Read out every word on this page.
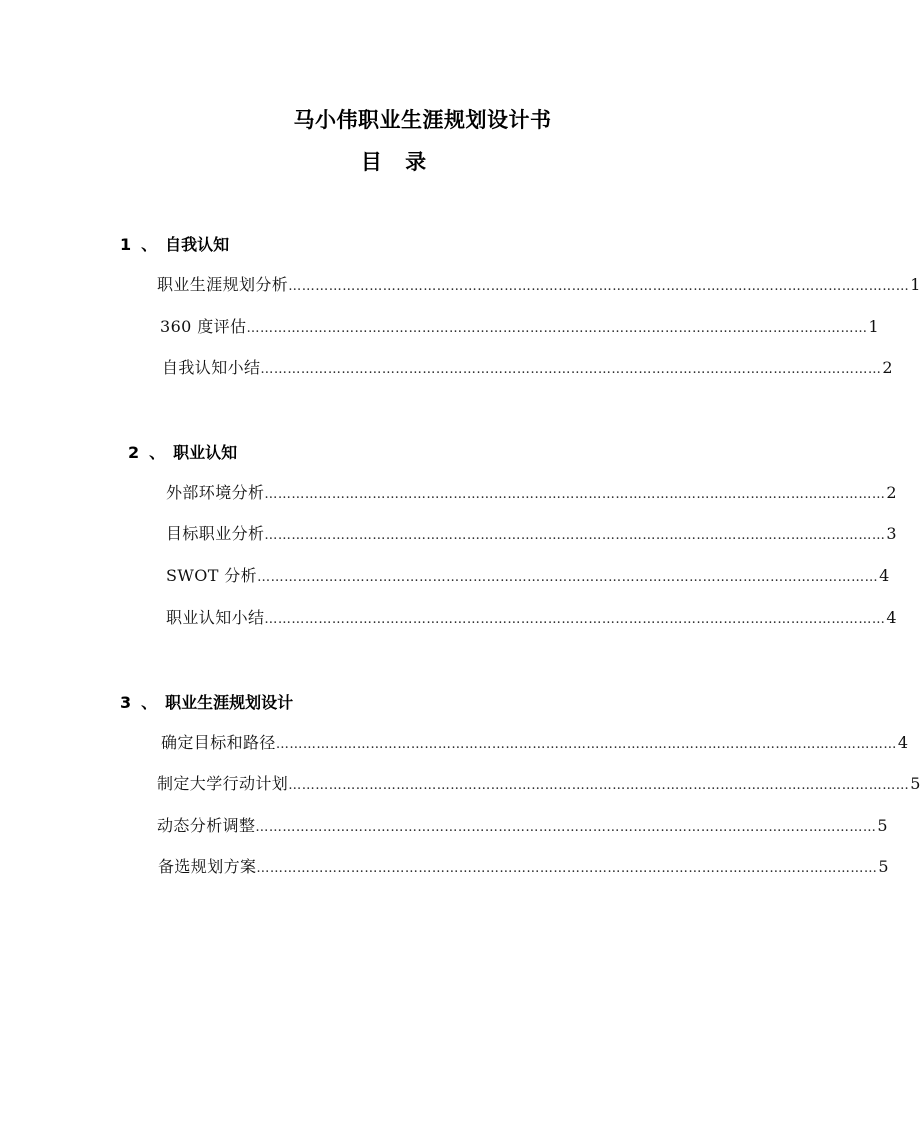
马小伟职业生涯规划设计书
目 录
1 、 自我认知
职业生涯规划分析 ………………………………………………………………………………………………………………………… 1
360 度评估 ………………………………………………………………………………………………………………………… 1
自我认知小结 ………………………………………………………………………………………………………………………… 2
2 、 职业认知
外部环境分析 ………………………………………………………………………………………………………………………… 2
目标职业分析 ………………………………………………………………………………………………………………………… 3
SWOT 分析 ………………………………………………………………………………………………………………………… 4
职业认知小结 ………………………………………………………………………………………………………………………… 4
3 、 职业生涯规划设计
确定目标和路径 ………………………………………………………………………………………………………………………… 4
制定大学行动计划 ………………………………………………………………………………………………………………………… 5
动态分析调整 ………………………………………………………………………………………………………………………… 5
备选规划方案 ………………………………………………………………………………………………………………………… 5
